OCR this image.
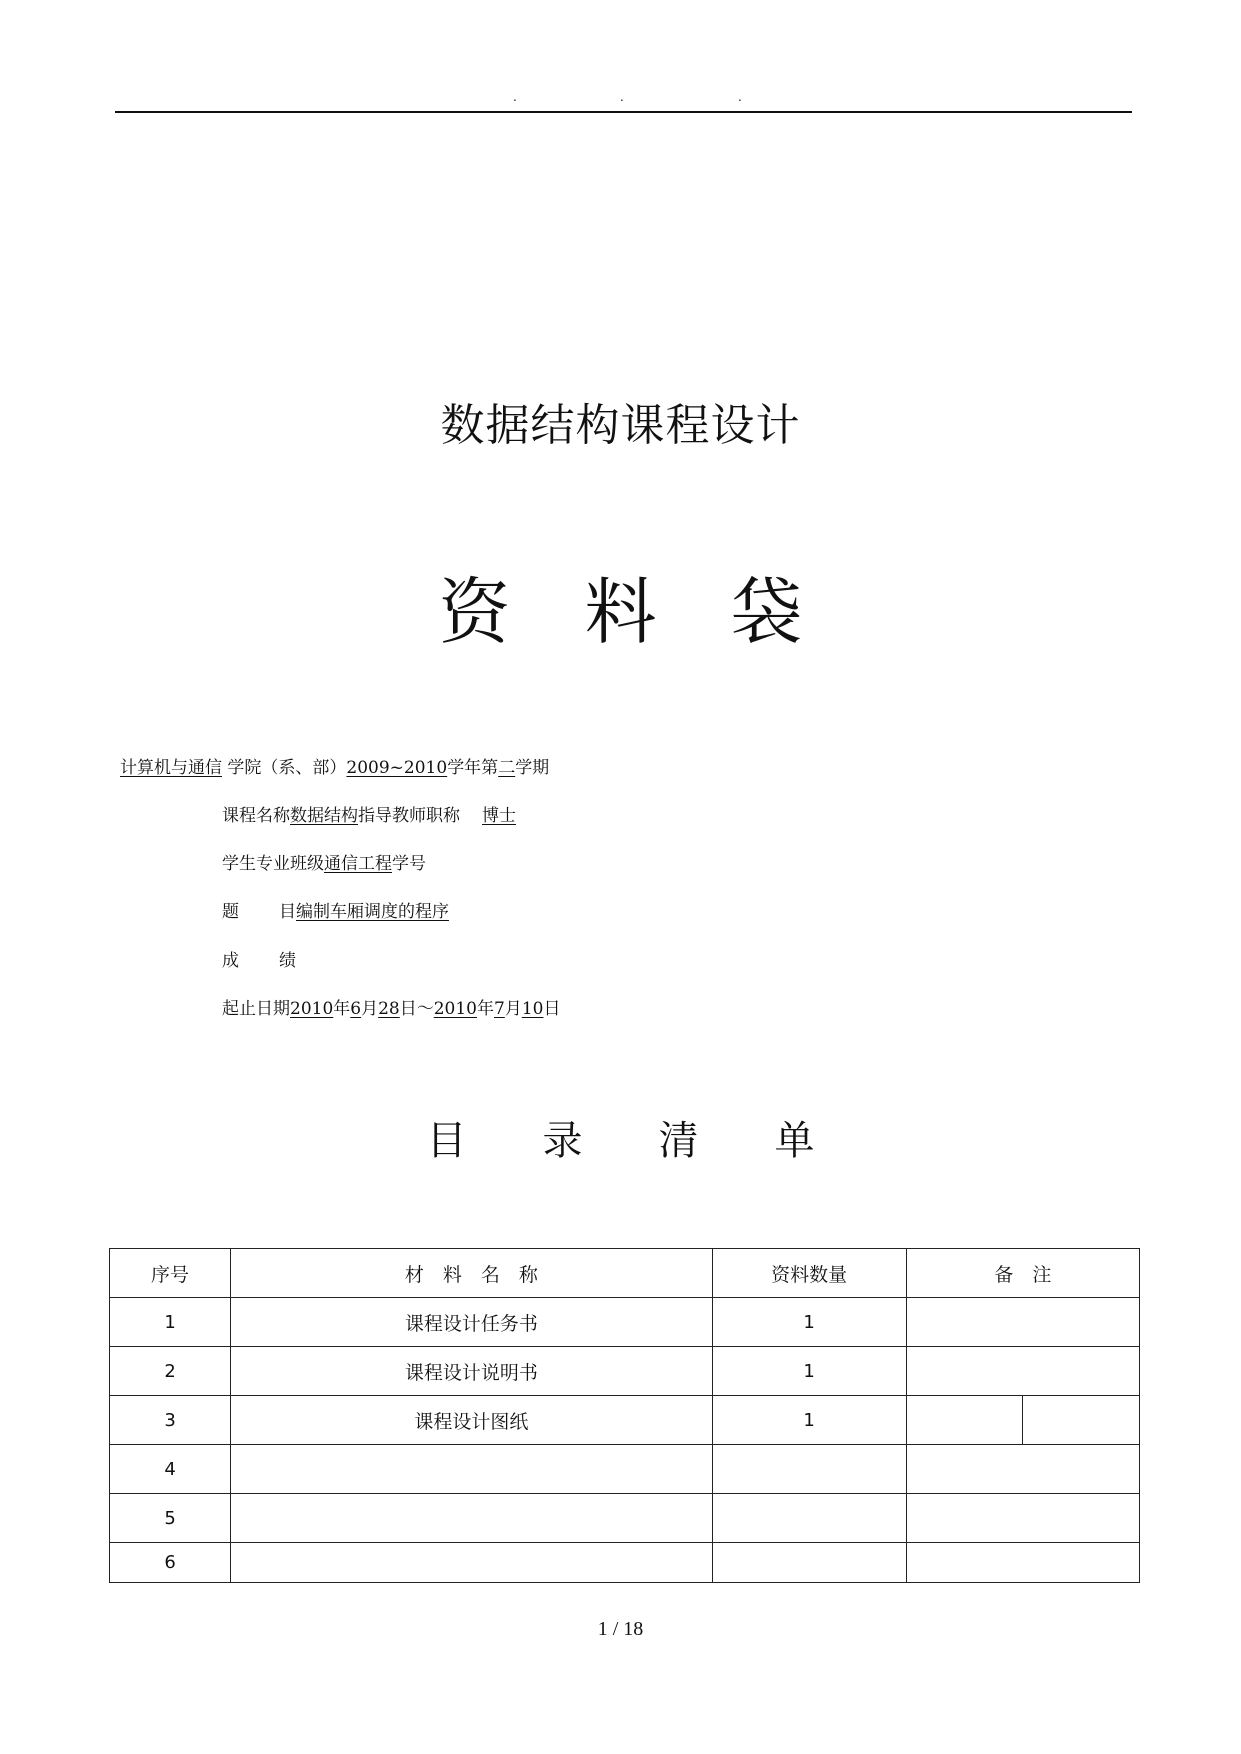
.	.	.
数据结构课程设计
资 料 袋
计算机与通信 学院（系、部）2009~2010学年第二学期
课程名称数据结构指导教师职称 博士
学生专业班级通信工程学号
题 目编制车厢调度的程序
成 绩
起止日期2010年6月28日～2010年7月10日
目 录 清 单
序号	材　料　名　称	资料数量	备　注	
1	课程设计任务书	1		
2	课程设计说明书	1		
3	课程设计图纸	1		
4				
5				
6				
1 / 18
